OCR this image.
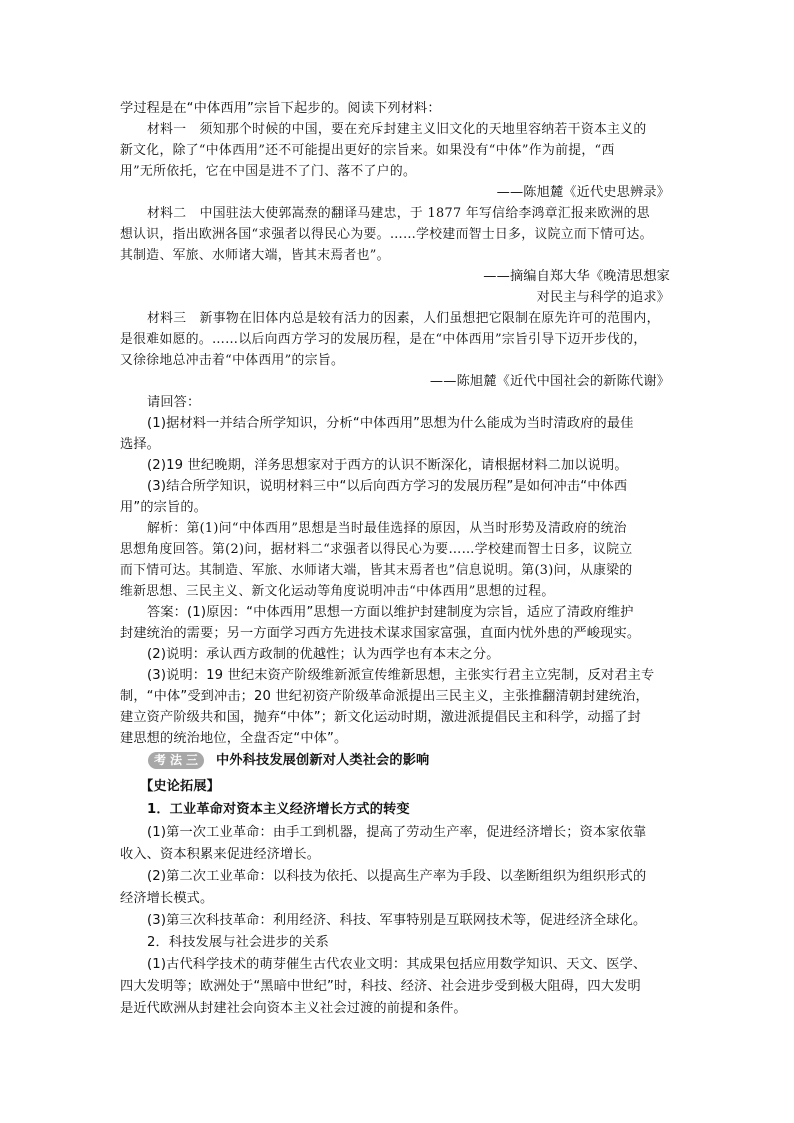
学过程是在“中体西用”宗旨下起步的。阅读下列材料：
材料一　须知那个时候的中国，要在充斥封建主义旧文化的天地里容纳若干资本主义的
新文化，除了“中体西用”还不可能提出更好的宗旨来。如果没有“中体”作为前提，“西
用”无所依托，它在中国是进不了门、落不了户的。
——陈旭麓《近代史思辨录》
材料二　中国驻法大使郭嵩焘的翻译马建忠，于 1877 年写信给李鸿章汇报来欧洲的思
想认识，指出欧洲各国“求强者以得民心为要。……学校建而智士日多，议院立而下情可达。
其制造、军旅、水师诸大端，皆其末焉者也”。
——摘编自郑大华《晚清思想家
对民主与科学的追求》
材料三　新事物在旧体内总是较有活力的因素，人们虽想把它限制在原先许可的范围内，
是很难如愿的。……以后向西方学习的发展历程，是在“中体西用”宗旨引导下迈开步伐的，
又徐徐地总冲击着“中体西用”的宗旨。
——陈旭麓《近代中国社会的新陈代谢》
请回答：
(1)据材料一并结合所学知识，分析“中体西用”思想为什么能成为当时清政府的最佳
选择。
(2)19 世纪晚期，洋务思想家对于西方的认识不断深化，请根据材料二加以说明。
(3)结合所学知识，说明材料三中“以后向西方学习的发展历程”是如何冲击“中体西
用”的宗旨的。
解析：第(1)问“中体西用”思想是当时最佳选择的原因，从当时形势及清政府的统治
思想角度回答。第(2)问，据材料二“求强者以得民心为要……学校建而智士日多，议院立
而下情可达。其制造、军旅、水师诸大端，皆其末焉者也”信息说明。第(3)问，从康梁的
维新思想、三民主义、新文化运动等角度说明冲击“中体西用”思想的过程。
答案：(1)原因：“中体西用”思想一方面以维护封建制度为宗旨，适应了清政府维护
封建统治的需要；另一方面学习西方先进技术谋求国家富强，直面内忧外患的严峻现实。
(2)说明：承认西方政制的优越性；认为西学也有本末之分。
(3)说明：19 世纪末资产阶级维新派宣传维新思想，主张实行君主立宪制，反对君主专
制，“中体”受到冲击；20 世纪初资产阶级革命派提出三民主义，主张推翻清朝封建统治，
建立资产阶级共和国，抛弃“中体”；新文化运动时期，激进派提倡民主和科学，动摇了封
建思想的统治地位，全盘否定“中体”。
考 法 三 中外科技发展创新对人类社会的影响
【史论拓展】
1．工业革命对资本主义经济增长方式的转变
(1)第一次工业革命：由手工到机器，提高了劳动生产率，促进经济增长；资本家依靠
收入、资本积累来促进经济增长。
(2)第二次工业革命：以科技为依托、以提高生产率为手段、以垄断组织为组织形式的
经济增长模式。
(3)第三次科技革命：利用经济、科技、军事特别是互联网技术等，促进经济全球化。
2．科技发展与社会进步的关系
(1)古代科学技术的萌芽催生古代农业文明：其成果包括应用数学知识、天文、医学、
四大发明等；欧洲处于“黑暗中世纪”时，科技、经济、社会进步受到极大阻碍，四大发明
是近代欧洲从封建社会向资本主义社会过渡的前提和条件。
